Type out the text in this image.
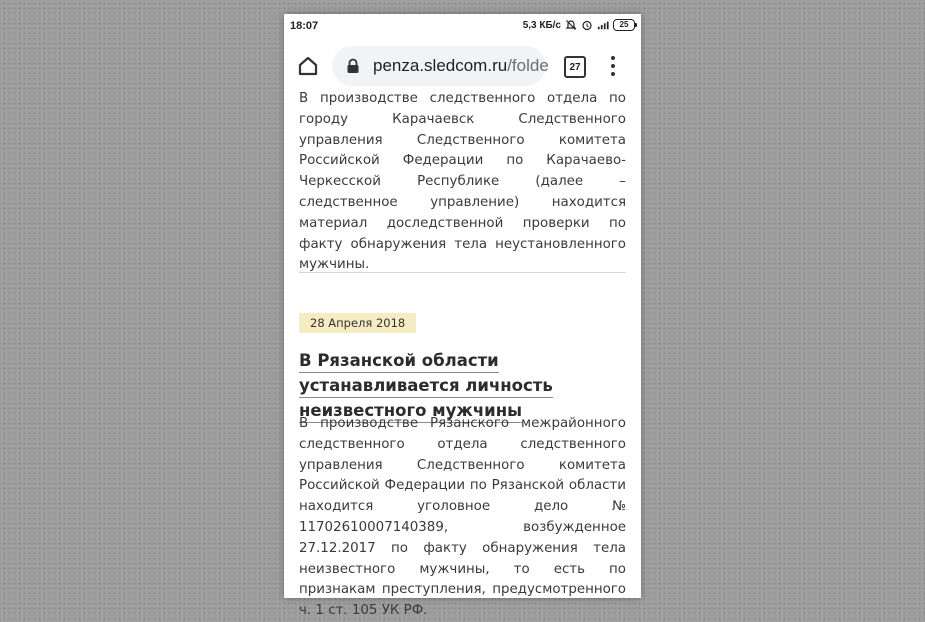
18:07	5,3 КБ/с	25
penza.sledcom.ru/folde 27

В производстве следственного отдела по городу Карачаевск Следственного управления Следственного комитета Российской Федерации по Карачаево-Черкесской Республике (далее – следственное управление) находится материал доследственной проверки по факту обнаружения тела неустановленного мужчины.

28 Апреля 2018
В Рязанской области устанавливается личность неизвестного мужчины

В производстве Рязанского межрайонного следственного отдела следственного управления Следственного комитета Российской Федерации по Рязанской области находится уголовное дело № 11702610007140389, возбужденное 27.12.2017 по факту обнаружения тела неизвестного мужчины, то есть по признакам преступления, предусмотренного ч. 1 ст. 105 УК РФ.
